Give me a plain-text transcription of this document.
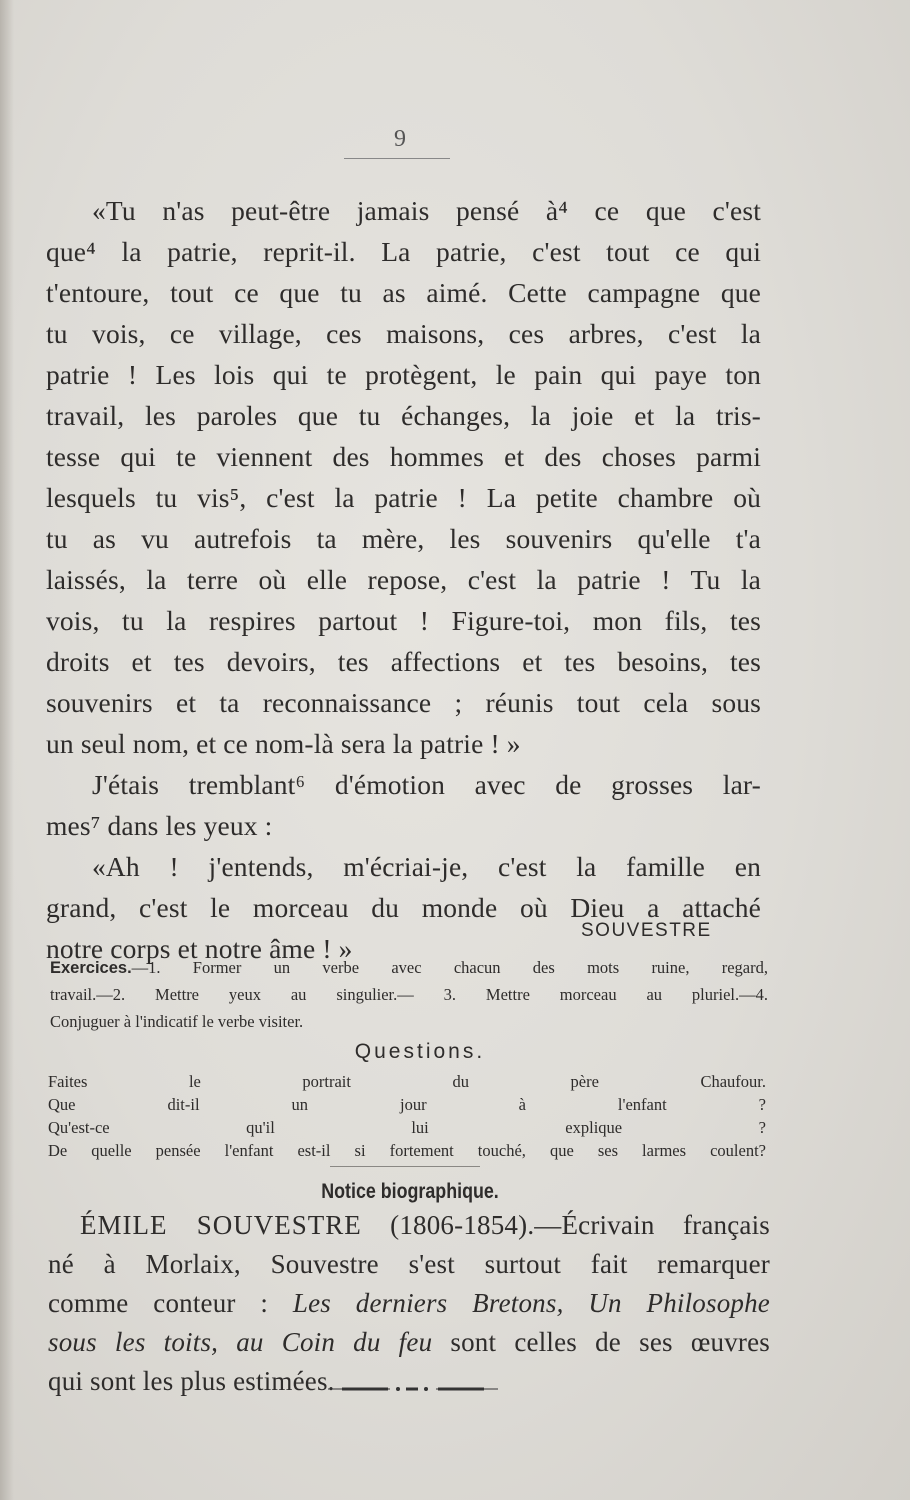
9
«Tu n'as peut-être jamais pensé à⁴ ce que c'est
que⁴ la patrie, reprit-il. La patrie, c'est tout ce qui
t'entoure, tout ce que tu as aimé. Cette campagne que
tu vois, ce village, ces maisons, ces arbres, c'est la
patrie ! Les lois qui te protègent, le pain qui paye ton
travail, les paroles que tu échanges, la joie et la tris-
tesse qui te viennent des hommes et des choses parmi
lesquels tu vis⁵, c'est la patrie ! La petite chambre où
tu as vu autrefois ta mère, les souvenirs qu'elle t'a
laissés, la terre où elle repose, c'est la patrie ! Tu la
vois, tu la respires partout ! Figure-toi, mon fils, tes
droits et tes devoirs, tes affections et tes besoins, tes
souvenirs et ta reconnaissance ; réunis tout cela sous
un seul nom, et ce nom-là sera la patrie ! »
J'étais tremblant⁶ d'émotion avec de grosses lar-
mes⁷ dans les yeux :
«Ah ! j'entends, m'écriai-je, c'est la famille en
grand, c'est le morceau du monde où Dieu a attaché
notre corps et notre âme ! »
SOUVESTRE
Exercices.—1. Former un verbe avec chacun des mots ruine, regard,
travail.—2. Mettre yeux au singulier.— 3. Mettre morceau au pluriel.—4.
Conjuguer à l'indicatif le verbe visiter.
Questions.
Faites le portrait du père Chaufour.
Que dit-il un jour à l'enfant ?
Qu'est-ce qu'il lui explique ?
De quelle pensée l'enfant est-il si fortement touché, que ses larmes coulent?
Notice biographique.
ÉMILE SOUVESTRE (1806-1854).—Écrivain français
né à Morlaix, Souvestre s'est surtout fait remarquer
comme conteur : Les derniers Bretons, Un Philosophe
sous les toits, au Coin du feu sont celles de ses œuvres
qui sont les plus estimées.
